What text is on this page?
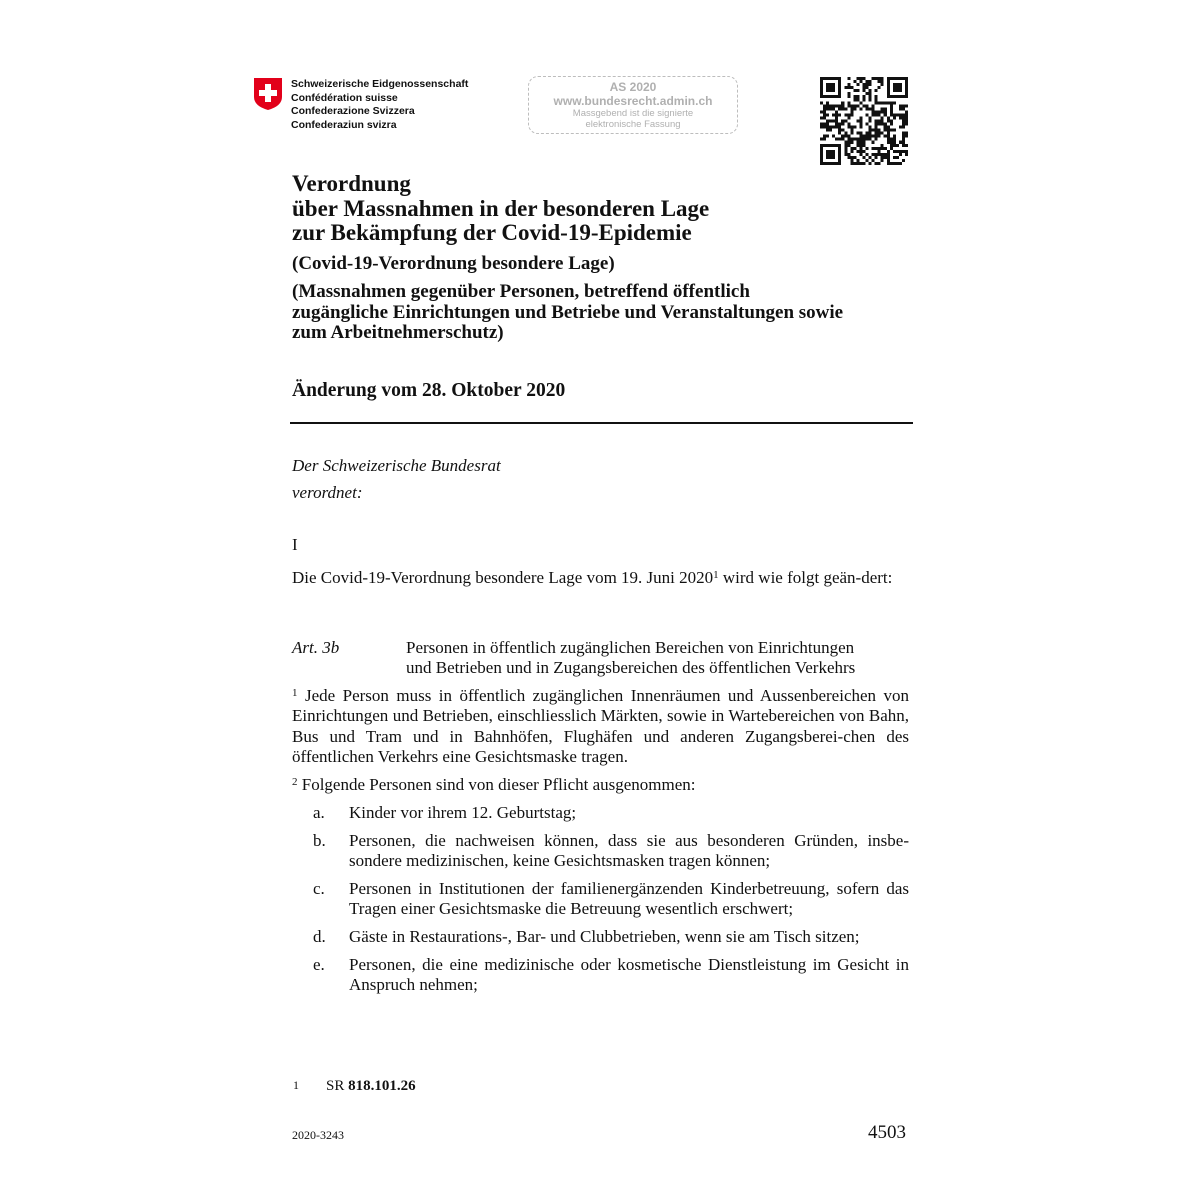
Schweizerische Eidgenossenschaft
Confédération suisse
Confederazione Svizzera
Confederaziun svizra
AS 2020
www.bundesrecht.admin.ch
Massgebend ist die signierte
elektronische Fassung
Verordnung
über Massnahmen in der besonderen Lage
zur Bekämpfung der Covid-19-Epidemie
(Covid-19-Verordnung besondere Lage)
(Massnahmen gegenüber Personen, betreffend öffentlich
zugängliche Einrichtungen und Betriebe und Veranstaltungen sowie
zum Arbeitnehmerschutz)
Änderung vom 28. Oktober 2020
Der Schweizerische Bundesrat
verordnet:
I
Die Covid-19-Verordnung besondere Lage vom 19. Juni 2020$^1$ wird wie folgt geän-dert:
Art. 3b	Personen in öffentlich zugänglichen Bereichen von Einrichtungen
und Betrieben und in Zugangsbereichen des öffentlichen Verkehrs
$^1$ Jede Person muss in öffentlich zugänglichen Innenräumen und Aussenbereichen von Einrichtungen und Betrieben, einschliesslich Märkten, sowie in Wartebereichen von Bahn, Bus und Tram und in Bahnhöfen, Flughäfen und anderen Zugangsberei-chen des öffentlichen Verkehrs eine Gesichtsmaske tragen.
$^2$ Folgende Personen sind von dieser Pflicht ausgenommen:
a. Kinder vor ihrem 12. Geburtstag;
b. Personen, die nachweisen können, dass sie aus besonderen Gründen, insbe-sondere medizinischen, keine Gesichtsmasken tragen können;
c. Personen in Institutionen der familienergänzenden Kinderbetreuung, sofern das Tragen einer Gesichtsmaske die Betreuung wesentlich erschwert;
d. Gäste in Restaurations-, Bar- und Clubbetrieben, wenn sie am Tisch sitzen;
e. Personen, die eine medizinische oder kosmetische Dienstleistung im Gesicht in Anspruch nehmen;
1 SR 818.101.26
2020-3243	4503
